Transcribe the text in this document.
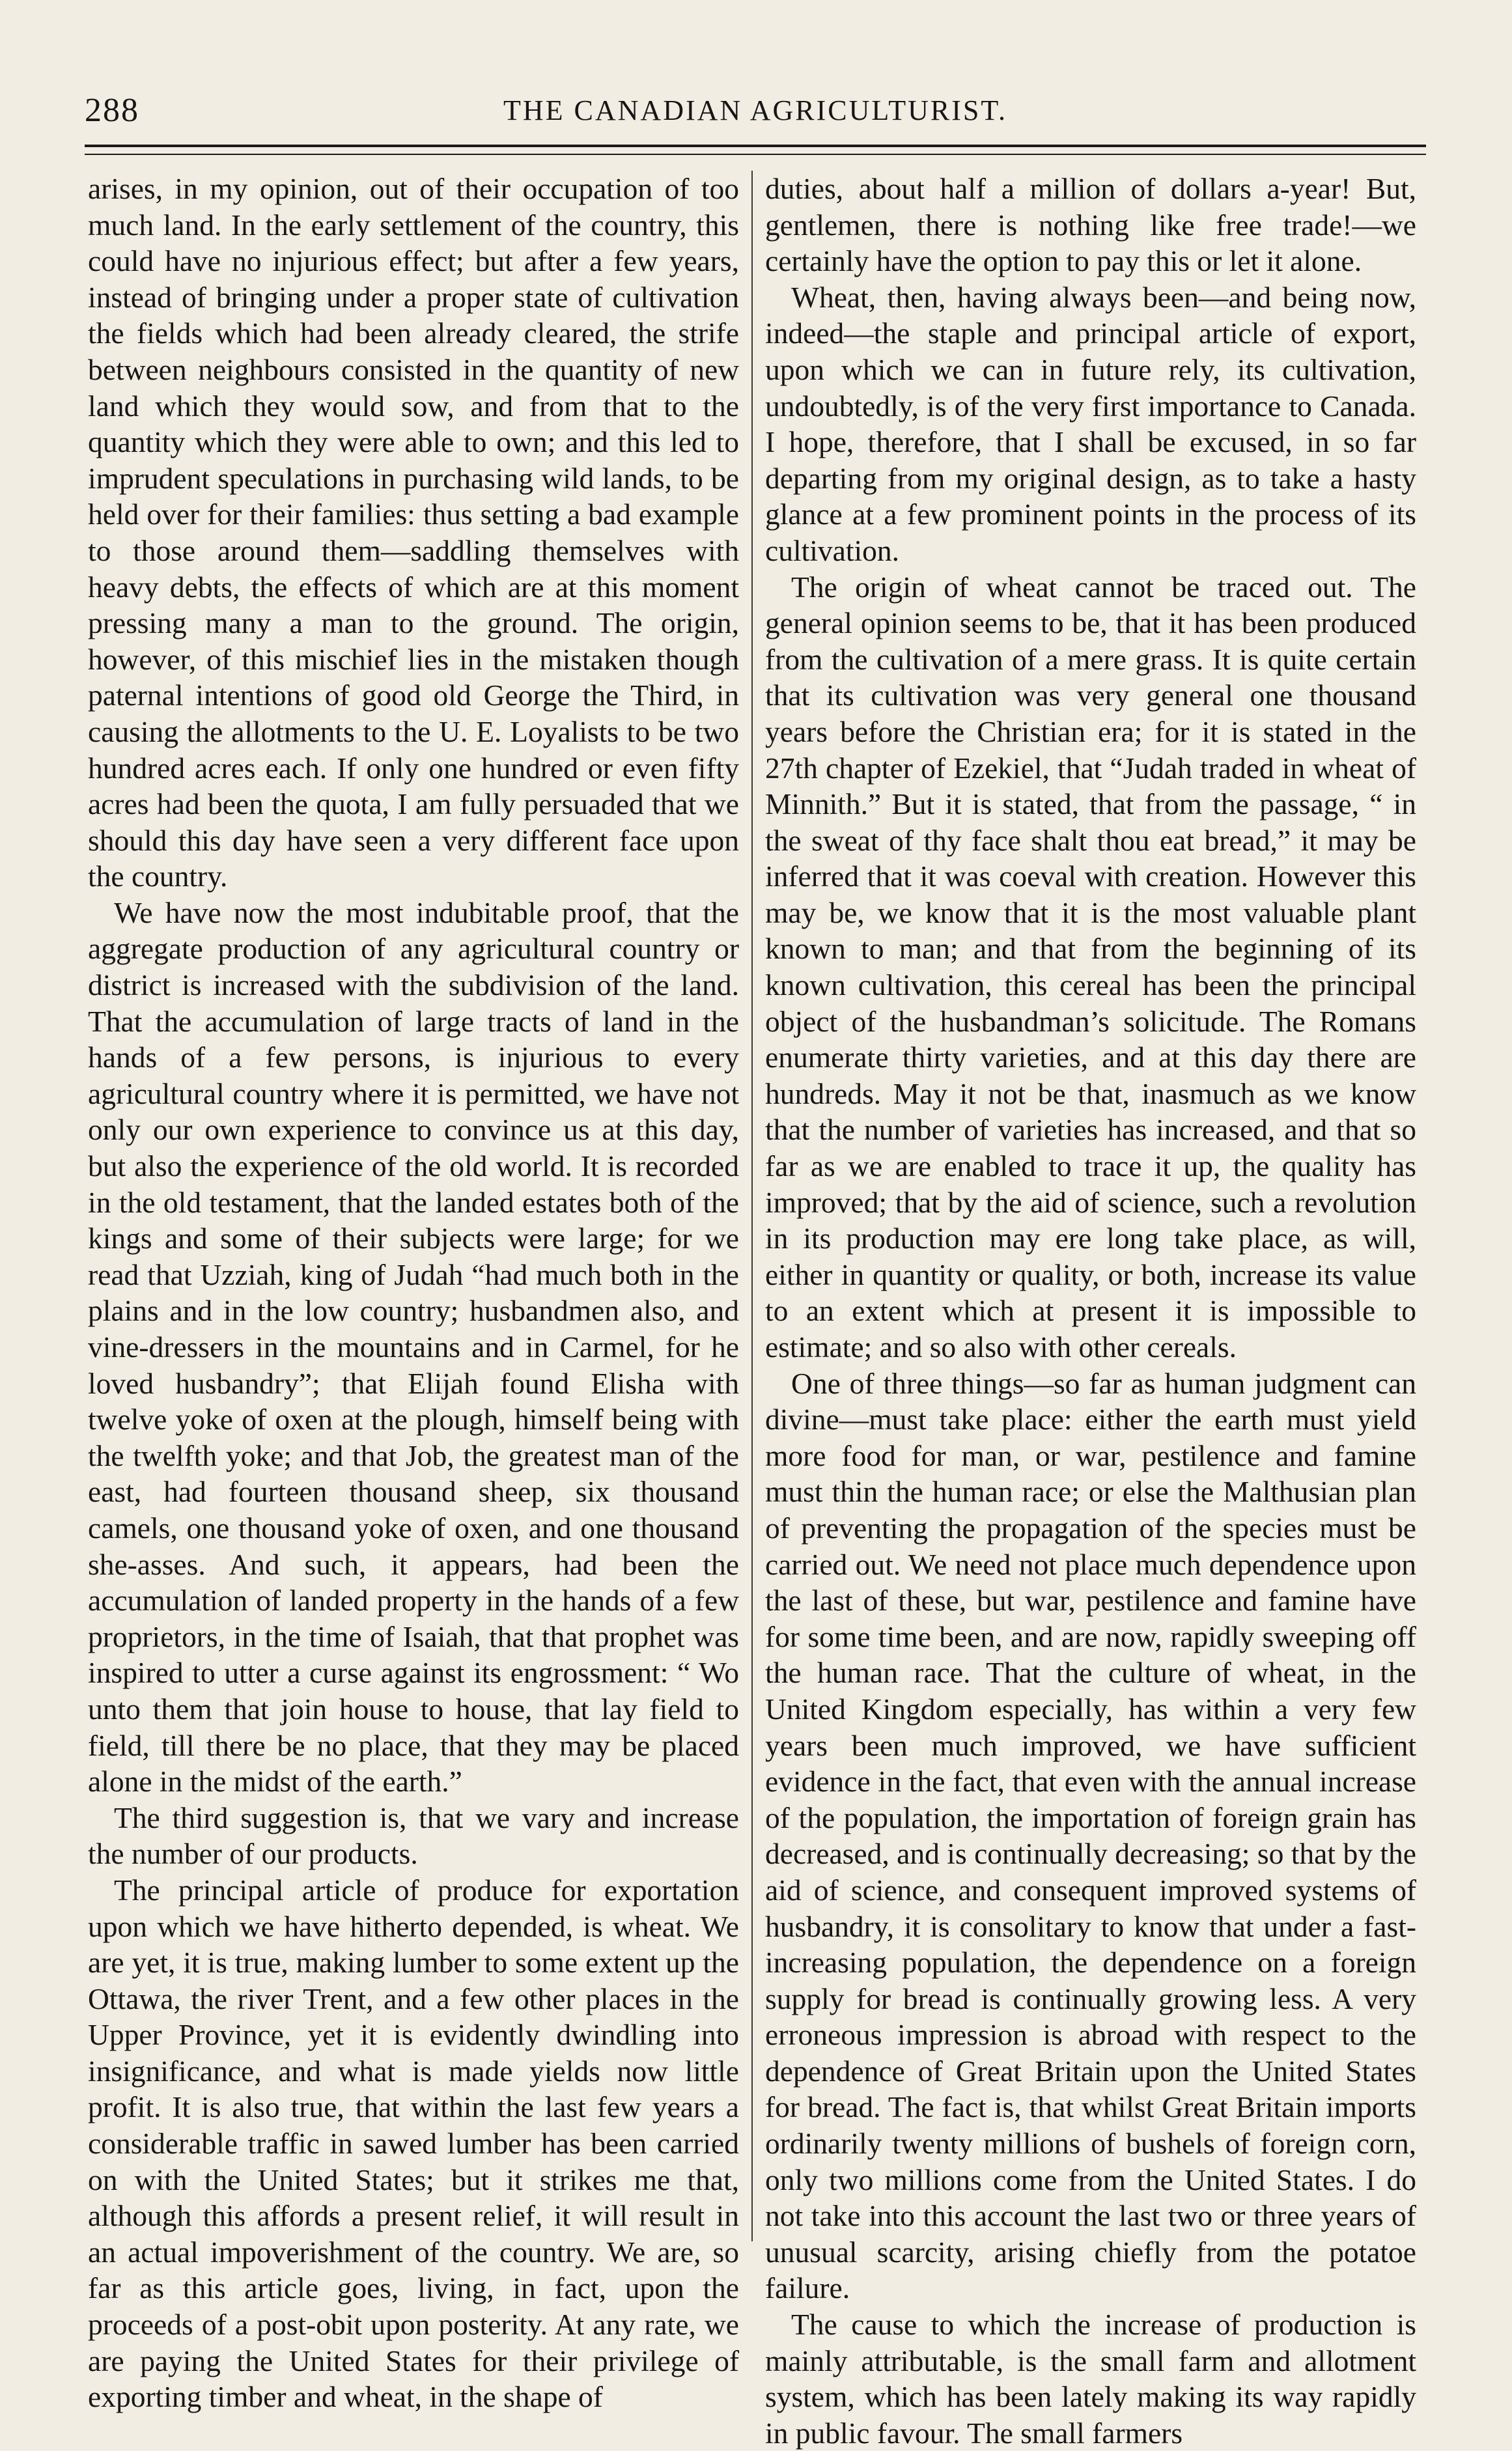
288	THE CANADIAN AGRICULTURIST.

arises, in my opinion, out of their occupation of too much land. In the early settlement of the country, this could have no injurious effect; but after a few years, instead of bringing under a proper state of cultivation the fields which had been already cleared, the strife between neighbours consisted in the quantity of new land which they would sow, and from that to the quantity which they were able to own; and this led to imprudent speculations in purchasing wild lands, to be held over for their families: thus setting a bad example to those around them—saddling themselves with heavy debts, the effects of which are at this moment pressing many a man to the ground. The origin, however, of this mischief lies in the mistaken though paternal intentions of good old George the Third, in causing the allotments to the U. E. Loyalists to be two hundred acres each. If only one hundred or even fifty acres had been the quota, I am fully persuaded that we should this day have seen a very different face upon the country.

We have now the most indubitable proof, that the aggregate production of any agricultural country or district is increased with the subdivision of the land. That the accumulation of large tracts of land in the hands of a few persons, is injurious to every agricultural country where it is permitted, we have not only our own experience to convince us at this day, but also the experience of the old world. It is recorded in the old testament, that the landed estates both of the kings and some of their subjects were large; for we read that Uzziah, king of Judah “had much both in the plains and in the low country; husbandmen also, and vine-dressers in the mountains and in Carmel, for he loved husbandry”; that Elijah found Elisha with twelve yoke of oxen at the plough, himself being with the twelfth yoke; and that Job, the greatest man of the east, had fourteen thousand sheep, six thousand camels, one thousand yoke of oxen, and one thousand she-asses. And such, it appears, had been the accumulation of landed property in the hands of a few proprietors, in the time of Isaiah, that that prophet was inspired to utter a curse against its engrossment: “ Wo unto them that join house to house, that lay field to field, till there be no place, that they may be placed alone in the midst of the earth.”

The third suggestion is, that we vary and increase the number of our products.

The principal article of produce for exportation upon which we have hitherto depended, is wheat. We are yet, it is true, making lumber to some extent up the Ottawa, the river Trent, and a few other places in the Upper Province, yet it is evidently dwindling into insignificance, and what is made yields now little profit. It is also true, that within the last few years a considerable traffic in sawed lumber has been carried on with the United States; but it strikes me that, although this affords a present relief, it will result in an actual impoverishment of the country. We are, so far as this article goes, living, in fact, upon the proceeds of a post-obit upon posterity. At any rate, we are paying the United States for their privilege of exporting timber and wheat, in the shape of

duties, about half a million of dollars a-year! But, gentlemen, there is nothing like free trade!—we certainly have the option to pay this or let it alone.

Wheat, then, having always been—and being now, indeed—the staple and principal article of export, upon which we can in future rely, its cultivation, undoubtedly, is of the very first importance to Canada. I hope, therefore, that I shall be excused, in so far departing from my original design, as to take a hasty glance at a few prominent points in the process of its cultivation.

The origin of wheat cannot be traced out. The general opinion seems to be, that it has been produced from the cultivation of a mere grass. It is quite certain that its cultivation was very general one thousand years before the Christian era; for it is stated in the 27th chapter of Ezekiel, that “Judah traded in wheat of Minnith.” But it is stated, that from the passage, “ in the sweat of thy face shalt thou eat bread,” it may be inferred that it was coeval with creation. However this may be, we know that it is the most valuable plant known to man; and that from the beginning of its known cultivation, this cereal has been the principal object of the husbandman’s solicitude. The Romans enumerate thirty varieties, and at this day there are hundreds. May it not be that, inasmuch as we know that the number of varieties has increased, and that so far as we are enabled to trace it up, the quality has improved; that by the aid of science, such a revolution in its production may ere long take place, as will, either in quantity or quality, or both, increase its value to an extent which at present it is impossible to estimate; and so also with other cereals.

One of three things—so far as human judgment can divine—must take place: either the earth must yield more food for man, or war, pestilence and famine must thin the human race; or else the Malthusian plan of preventing the propagation of the species must be carried out. We need not place much dependence upon the last of these, but war, pestilence and famine have for some time been, and are now, rapidly sweeping off the human race. That the culture of wheat, in the United Kingdom especially, has within a very few years been much improved, we have sufficient evidence in the fact, that even with the annual increase of the population, the importation of foreign grain has decreased, and is continually decreasing; so that by the aid of science, and consequent improved systems of husbandry, it is consolitary to know that under a fast-increasing population, the dependence on a foreign supply for bread is continually growing less. A very erroneous impression is abroad with respect to the dependence of Great Britain upon the United States for bread. The fact is, that whilst Great Britain imports ordinarily twenty millions of bushels of foreign corn, only two millions come from the United States. I do not take into this account the last two or three years of unusual scarcity, arising chiefly from the potatoe failure.

The cause to which the increase of production is mainly attributable, is the small farm and allotment system, which has been lately making its way rapidly in public favour. The small farmers
